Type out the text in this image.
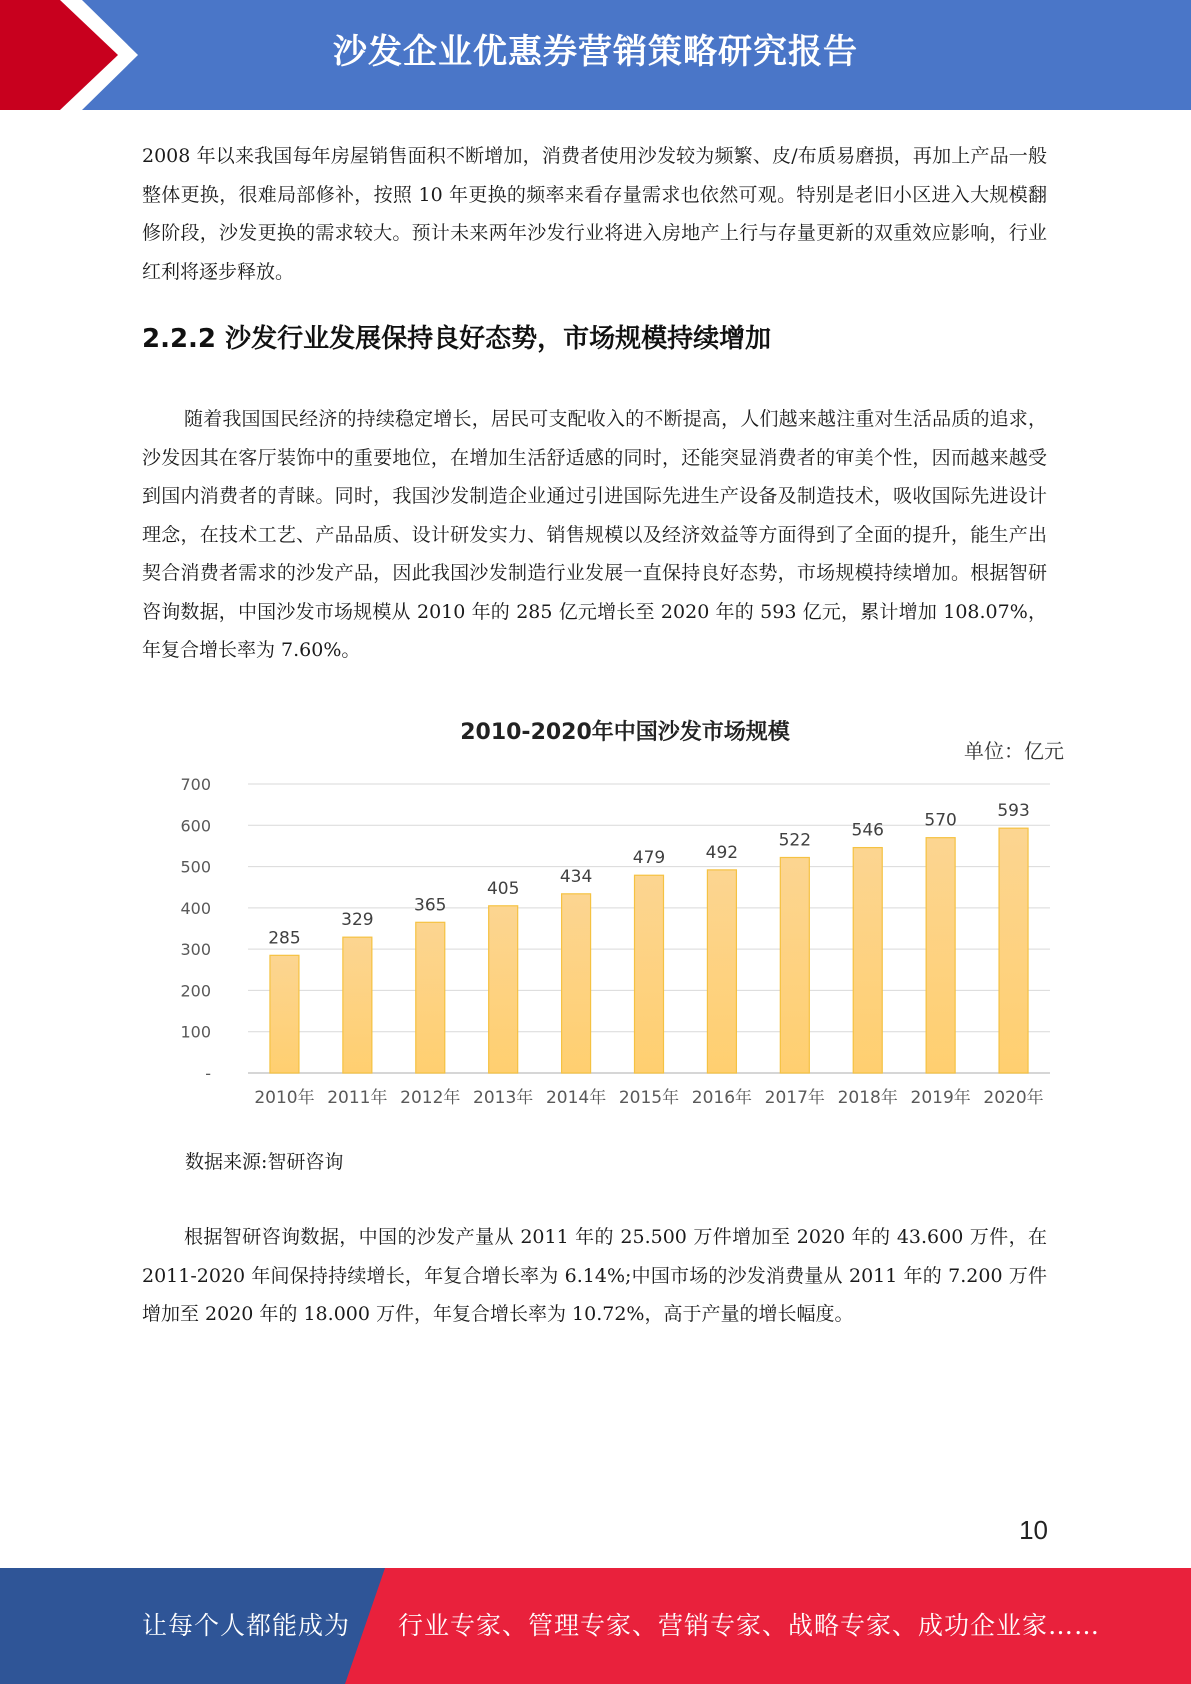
沙发企业优惠券营销策略研究报告

2008 年以来我国每年房屋销售面积不断增加，消费者使用沙发较为频繁、皮/布质易磨损，再加上产品一般整体更换，很难局部修补，按照 10 年更换的频率来看存量需求也依然可观。特别是老旧小区进入大规模翻修阶段，沙发更换的需求较大。预计未来两年沙发行业将进入房地产上行与存量更新的双重效应影响，行业红利将逐步释放。

2.2.2 沙发行业发展保持良好态势，市场规模持续增加

随着我国国民经济的持续稳定增长，居民可支配收入的不断提高，人们越来越注重对生活品质的追求，沙发因其在客厅装饰中的重要地位，在增加生活舒适感的同时，还能突显消费者的审美个性，因而越来越受到国内消费者的青睐。同时，我国沙发制造企业通过引进国际先进生产设备及制造技术，吸收国际先进设计理念，在技术工艺、产品品质、设计研发实力、销售规模以及经济效益等方面得到了全面的提升，能生产出契合消费者需求的沙发产品，因此我国沙发制造行业发展一直保持良好态势，市场规模持续增加。根据智研咨询数据，中国沙发市场规模从 2010 年的 285 亿元增长至 2020 年的 593 亿元，累计增加 108.07%，年复合增长率为 7.60%。

2010-2020年中国沙发市场规模
单位：亿元
-
100
200
300
400
500
600
700
285
329
365
405
434
479 492
522 546 570 593
2010年 2011年 2012年 2013年 2014年 2015年 2016年 2017年 2018年 2019年 2020年
数据来源:智研咨询

根据智研咨询数据，中国的沙发产量从 2011 年的 25.500 万件增加至 2020 年的 43.600 万件，在 2011-2020 年间保持持续增长，年复合增长率为 6.14%;中国市场的沙发消费量从 2011 年的 7.200 万件增加至 2020 年的 18.000 万件，年复合增长率为 10.72%，高于产量的增长幅度。

10
让每个人都能成为 行业专家、管理专家、营销专家、战略专家、成功企业家……
